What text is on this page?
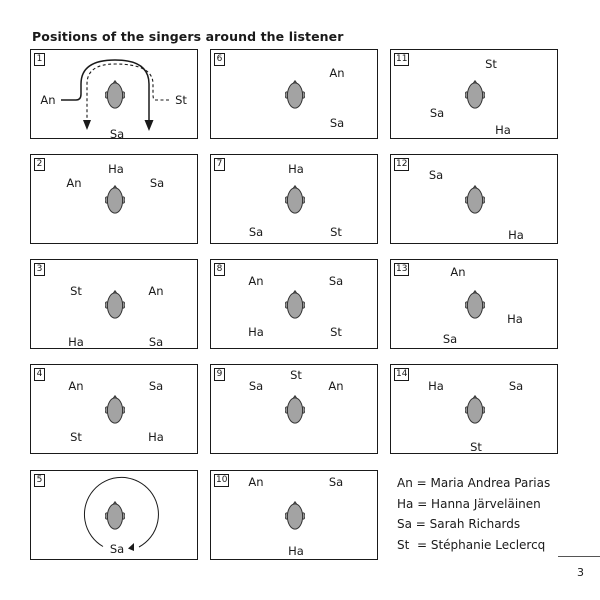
Positions of the singers around the listener
1
An	St
Sa
2	Ha
An	Sa
3
St	An
Ha	Sa
4
An	Sa
St	Ha
5
Sa
6
An
Sa
7	Ha
Sa	St
8
An	Sa
Ha	St
9	St
Sa	An
10 An	Sa
Ha
11	St
Sa
Ha
12
Sa
Ha
13	An
Ha
Sa
14
Ha	Sa
St
An = Maria Andrea Parias
Ha = Hanna Järveläinen
Sa = Sarah Richards
St  = Stéphanie Leclercq
3
